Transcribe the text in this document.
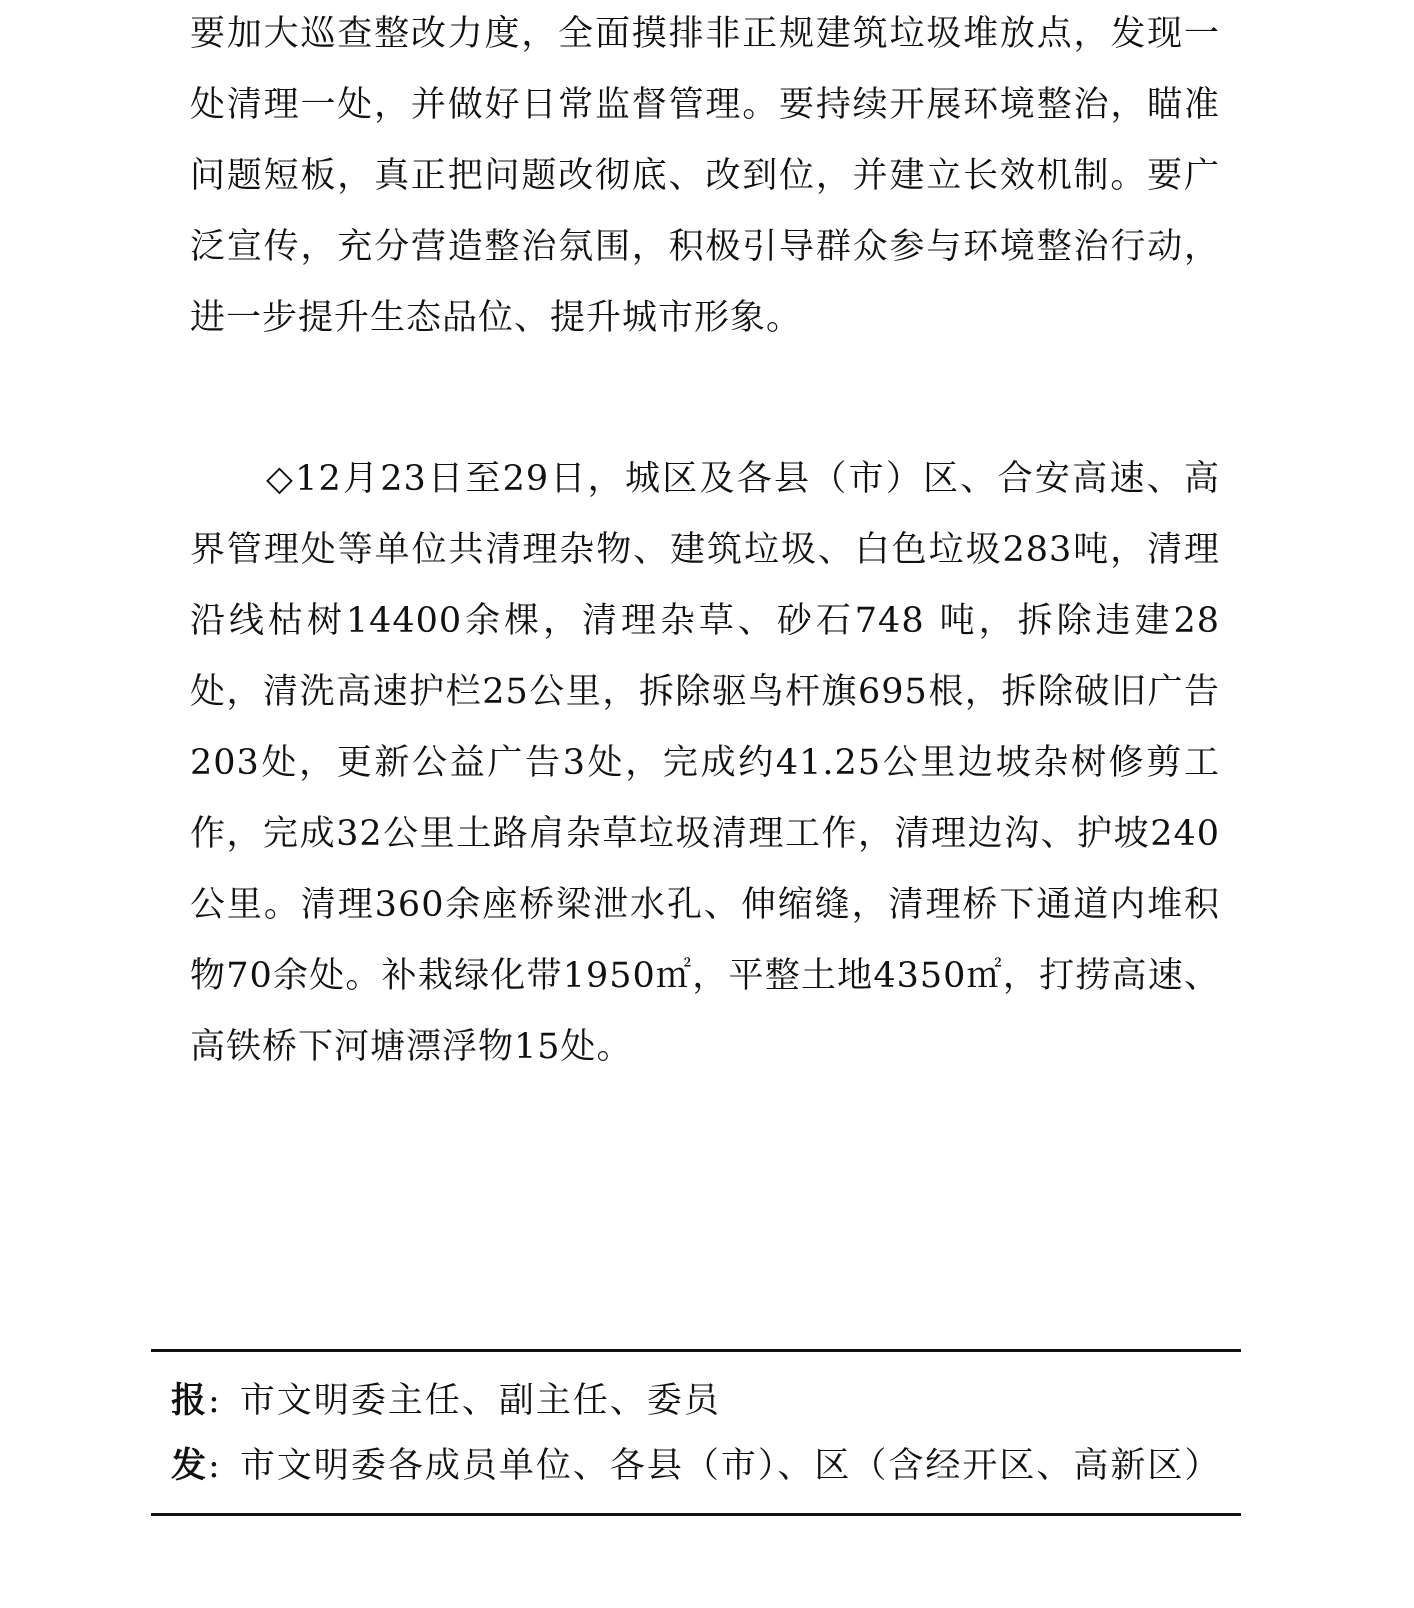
要加大巡查整改力度，全面摸排非正规建筑垃圾堆放点，发现一处清理一处，并做好日常监督管理。要持续开展环境整治，瞄准问题短板，真正把问题改彻底、改到位，并建立长效机制。要广泛宣传，充分营造整治氛围，积极引导群众参与环境整治行动，进一步提升生态品位、提升城市形象。

◇12月23日至29日，城区及各县（市）区、合安高速、高界管理处等单位共清理杂物、建筑垃圾、白色垃圾283吨，清理沿线枯树14400余棵，清理杂草、砂石748 吨，拆除违建28处，清洗高速护栏25公里，拆除驱鸟杆旗695根，拆除破旧广告203处，更新公益广告3处，完成约41.25公里边坡杂树修剪工作，完成32公里土路肩杂草垃圾清理工作，清理边沟、护坡240公里。清理360余座桥梁泄水孔、伸缩缝，清理桥下通道内堆积物70余处。补栽绿化带1950㎡，平整土地4350㎡，打捞高速、高铁桥下河塘漂浮物15处。

报: 市文明委主任、副主任、委员
发: 市文明委各成员单位、各县（市）、区（含经开区、高新区）
